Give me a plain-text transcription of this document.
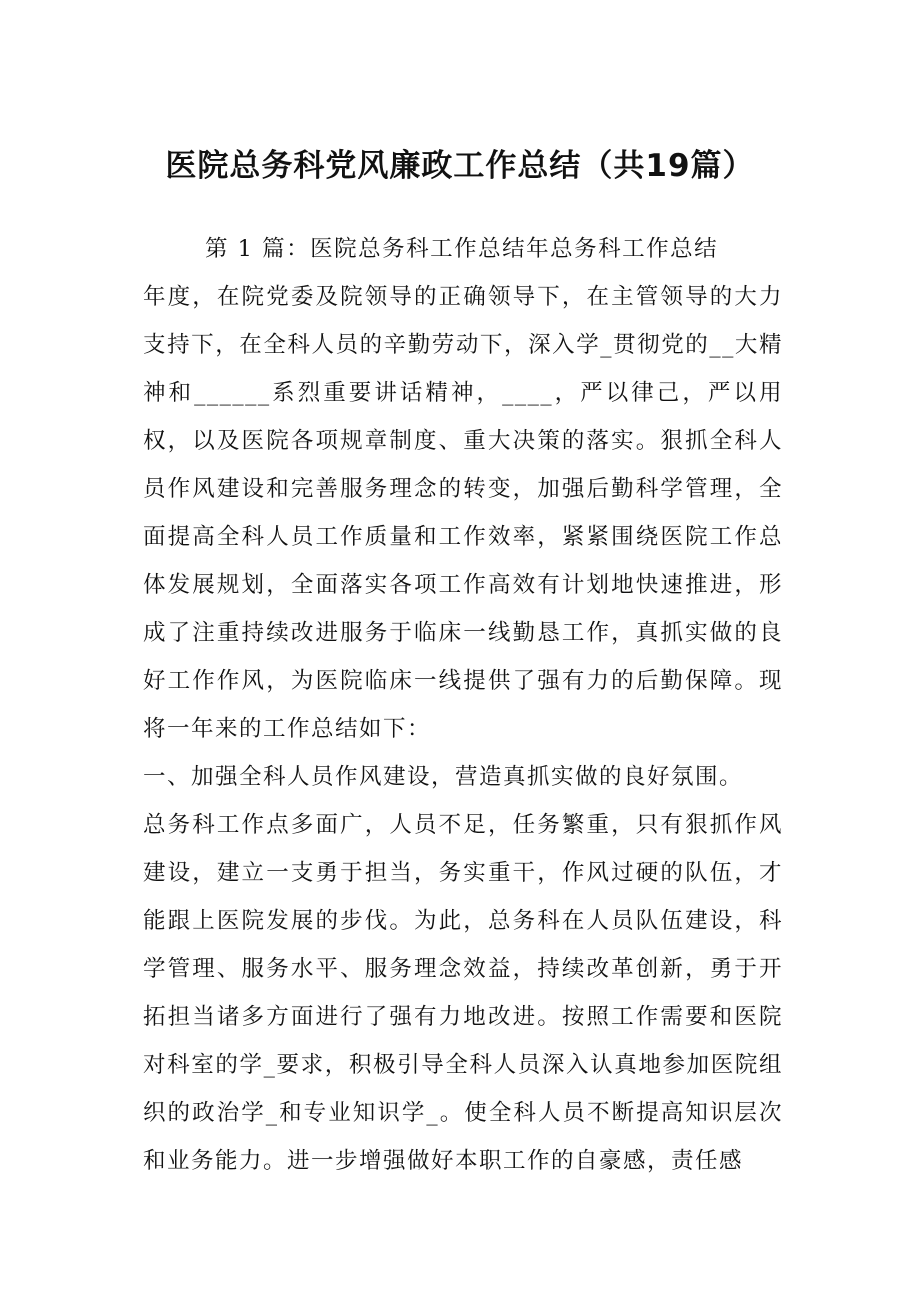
医院总务科党风廉政工作总结（共19篇）

第 1 篇：医院总务科工作总结年总务科工作总结

年度，在院党委及院领导的正确领导下，在主管领导的大力支持下，在全科人员的辛勤劳动下，深入学_贯彻党的__大精神和______系烈重要讲话精神，____，严以律己，严以用权，以及医院各项规章制度、重大决策的落实。狠抓全科人员作风建设和完善服务理念的转变，加强后勤科学管理，全面提高全科人员工作质量和工作效率，紧紧围绕医院工作总体发展规划，全面落实各项工作高效有计划地快速推进，形成了注重持续改进服务于临床一线勤恳工作，真抓实做的良好工作作风，为医院临床一线提供了强有力的后勤保障。现将一年来的工作总结如下：

一、加强全科人员作风建设，营造真抓实做的良好氛围。

总务科工作点多面广，人员不足，任务繁重，只有狠抓作风建设，建立一支勇于担当，务实重干，作风过硬的队伍，才能跟上医院发展的步伐。为此，总务科在人员队伍建设，科学管理、服务水平、服务理念效益，持续改革创新，勇于开拓担当诸多方面进行了强有力地改进。按照工作需要和医院对科室的学_要求，积极引导全科人员深入认真地参加医院组织的政治学_和专业知识学_。使全科人员不断提高知识层次和业务能力。进一步增强做好本职工作的自豪感，责任感
